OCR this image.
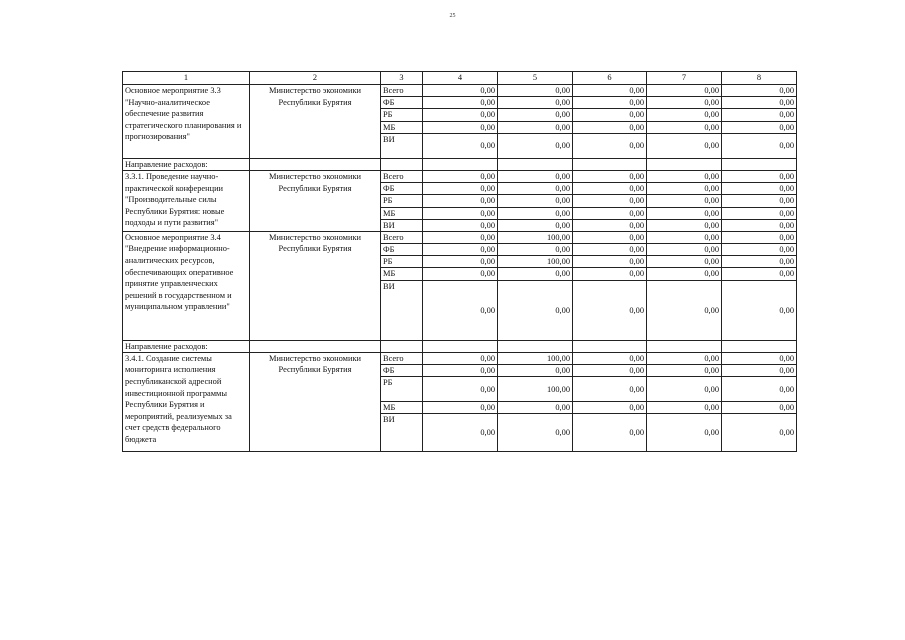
25
1	2	3	4	5	6	7	8
Основное мероприятие 3.3 "Научно-аналитическое обеспечение развития стратегического планирования и прогнозирования"	Министерство экономики Республики Бурятия	Всего	0,00	0,00	0,00	0,00	0,00
		ФБ	0,00	0,00	0,00	0,00	0,00
		РБ	0,00	0,00	0,00	0,00	0,00
		МБ	0,00	0,00	0,00	0,00	0,00
		ВИ	0,00	0,00	0,00	0,00	0,00
Направление расходов:							
3.3.1. Проведение научно-практической конференции "Производительные силы Республики Бурятия: новые подходы и пути развития"	Министерство экономики Республики Бурятия	Всего	0,00	0,00	0,00	0,00	0,00
		ФБ	0,00	0,00	0,00	0,00	0,00
		РБ	0,00	0,00	0,00	0,00	0,00
		МБ	0,00	0,00	0,00	0,00	0,00
		ВИ	0,00	0,00	0,00	0,00	0,00
Основное мероприятие 3.4 "Внедрение информационно-аналитических ресурсов, обеспечивающих оперативное принятие управленческих решений в государственном и муниципальном управлении"	Министерство экономики Республики Бурятия	Всего	0,00	100,00	0,00	0,00	0,00
		ФБ	0,00	0,00	0,00	0,00	0,00
		РБ	0,00	100,00	0,00	0,00	0,00
		МБ	0,00	0,00	0,00	0,00	0,00
		ВИ	0,00	0,00	0,00	0,00	0,00
Направление расходов:							
3.4.1. Создание системы мониторинга исполнения республиканской адресной инвестиционной программы Республики Бурятия и мероприятий, реализуемых за счет средств федерального бюджета	Министерство экономики Республики Бурятия	Всего	0,00	100,00	0,00	0,00	0,00
		ФБ	0,00	0,00	0,00	0,00	0,00
		РБ	0,00	100,00	0,00	0,00	0,00
		МБ	0,00	0,00	0,00	0,00	0,00
		ВИ	0,00	0,00	0,00	0,00	0,00
